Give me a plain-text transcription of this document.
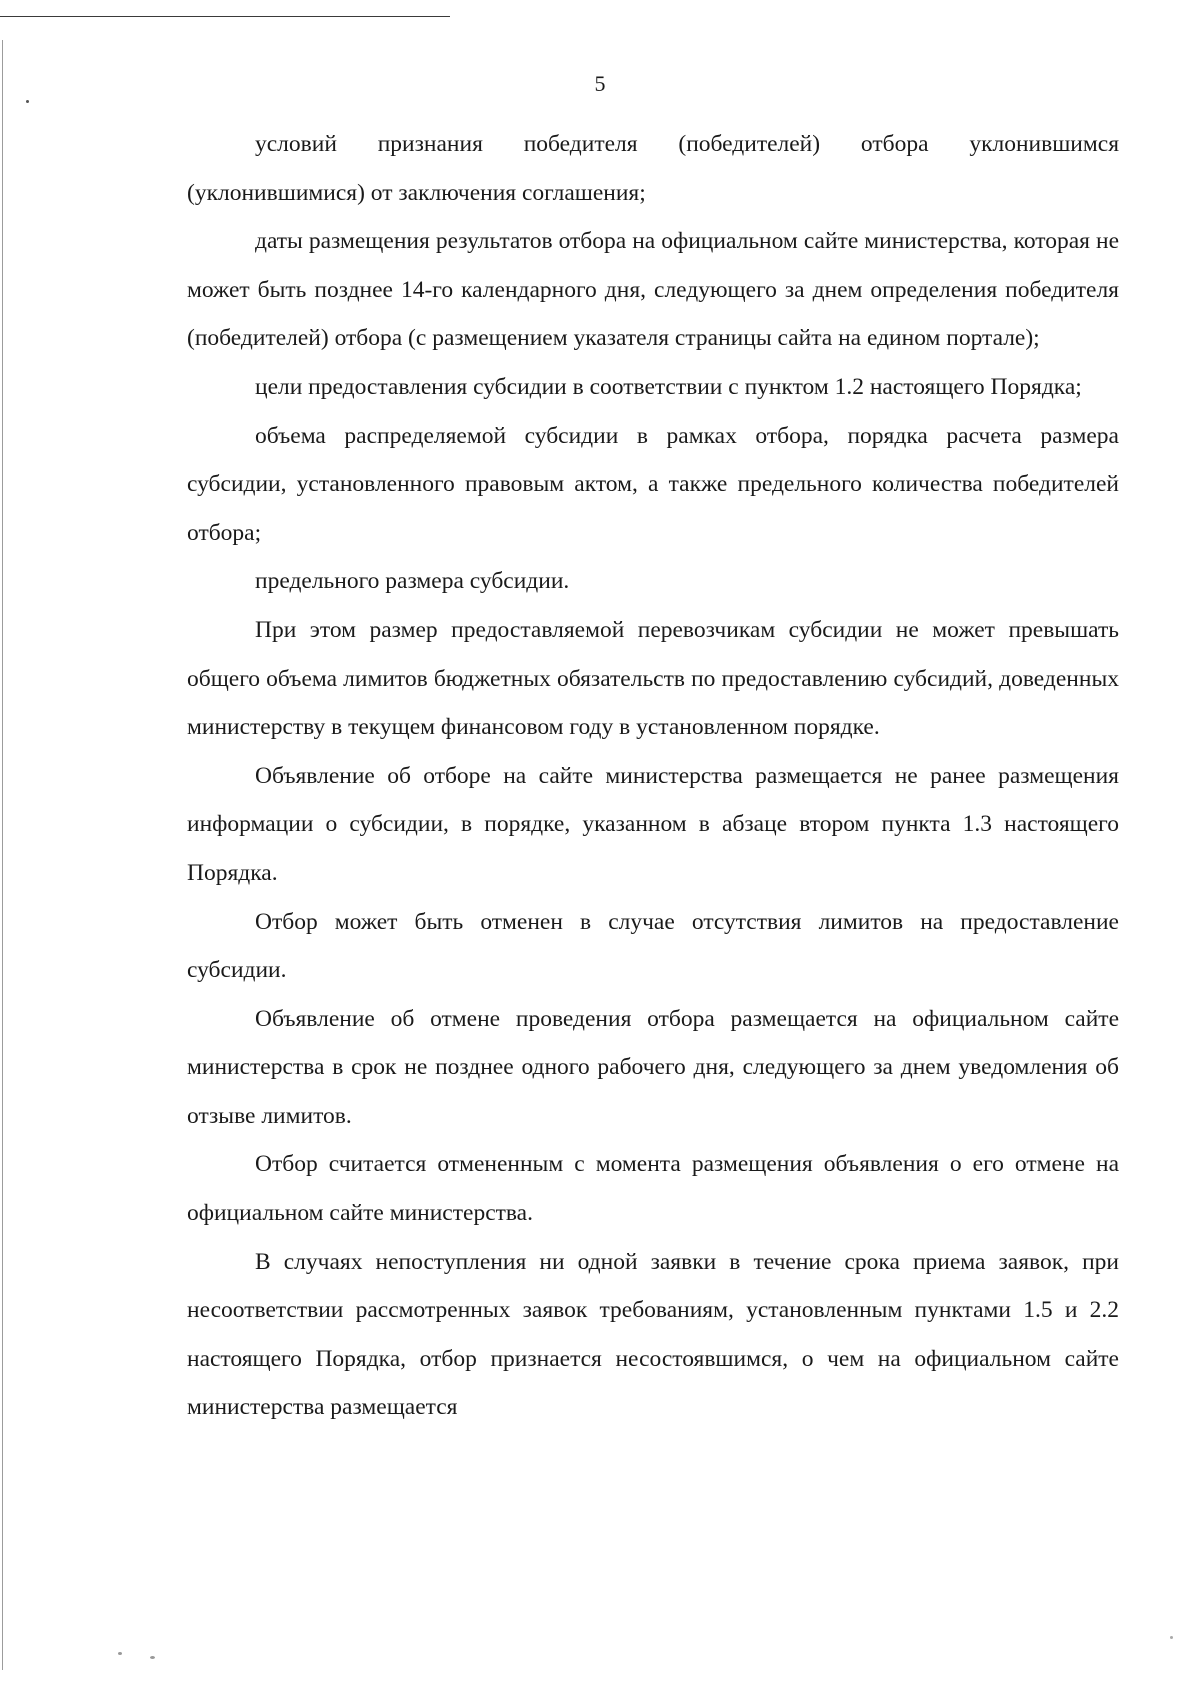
5

условий признания победителя (победителей) отбора уклонившимся (уклонившимися) от заключения соглашения;

даты размещения результатов отбора на официальном сайте министерства, которая не может быть позднее 14-го календарного дня, следующего за днем определения победителя (победителей) отбора (с размещением указателя страницы сайта на едином портале);

цели предоставления субсидии в соответствии с пунктом 1.2 настоящего Порядка;

объема распределяемой субсидии в рамках отбора, порядка расчета размера субсидии, установленного правовым актом, а также предельного количества победителей отбора;

предельного размера субсидии.

При этом размер предоставляемой перевозчикам субсидии не может превышать общего объема лимитов бюджетных обязательств по предоставлению субсидий, доведенных министерству в текущем финансовом году в установленном порядке.

Объявление об отборе на сайте министерства размещается не ранее размещения информации о субсидии, в порядке, указанном в абзаце втором пункта 1.3 настоящего Порядка.

Отбор может быть отменен в случае отсутствия лимитов на предоставление субсидии.

Объявление об отмене проведения отбора размещается на официальном сайте министерства в срок не позднее одного рабочего дня, следующего за днем уведомления об отзыве лимитов.

Отбор считается отмененным с момента размещения объявления о его отмене на официальном сайте министерства.

В случаях непоступления ни одной заявки в течение срока приема заявок, при несоответствии рассмотренных заявок требованиям, установленным пунктами 1.5 и 2.2 настоящего Порядка, отбор признается несостоявшимся, о чем на официальном сайте министерства размещается
